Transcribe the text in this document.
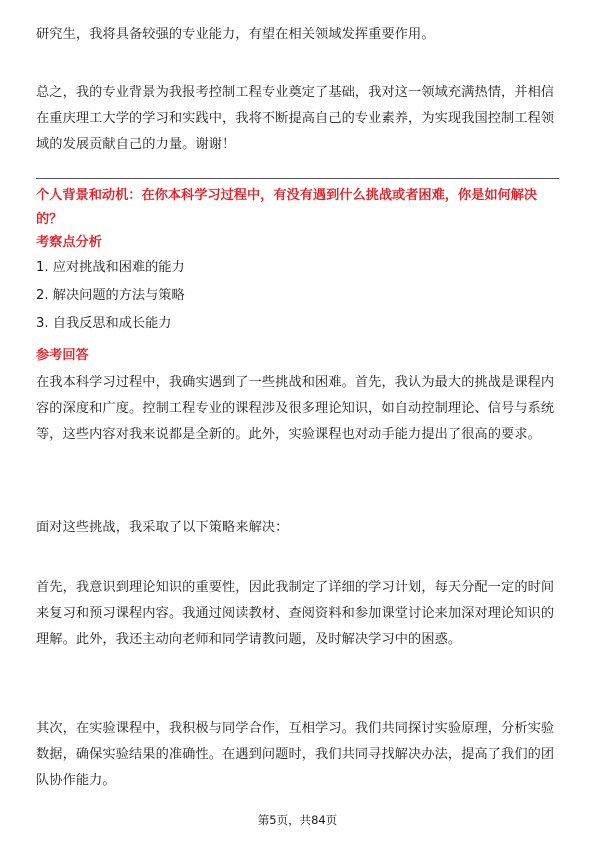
研究生，我将具备较强的专业能力，有望在相关领域发挥重要作用。

总之，我的专业背景为我报考控制工程专业奠定了基础，我对这一领域充满热情，并相信在重庆理工大学的学习和实践中，我将不断提高自己的专业素养，为实现我国控制工程领域的发展贡献自己的力量。谢谢！

个人背景和动机：在你本科学习过程中，有没有遇到什么挑战或者困难，你是如何解决的？

考察点分析

1. 应对挑战和困难的能力

2. 解决问题的方法与策略

3. 自我反思和成长能力

参考回答

在我本科学习过程中，我确实遇到了一些挑战和困难。首先，我认为最大的挑战是课程内容的深度和广度。控制工程专业的课程涉及很多理论知识，如自动控制理论、信号与系统等，这些内容对我来说都是全新的。此外，实验课程也对动手能力提出了很高的要求。

面对这些挑战，我采取了以下策略来解决：

首先，我意识到理论知识的重要性，因此我制定了详细的学习计划，每天分配一定的时间来复习和预习课程内容。我通过阅读教材、查阅资料和参加课堂讨论来加深对理论知识的理解。此外，我还主动向老师和同学请教问题，及时解决学习中的困惑。

其次，在实验课程中，我积极与同学合作，互相学习。我们共同探讨实验原理，分析实验数据，确保实验结果的准确性。在遇到问题时，我们共同寻找解决办法，提高了我们的团队协作能力。

第5页，共84页
